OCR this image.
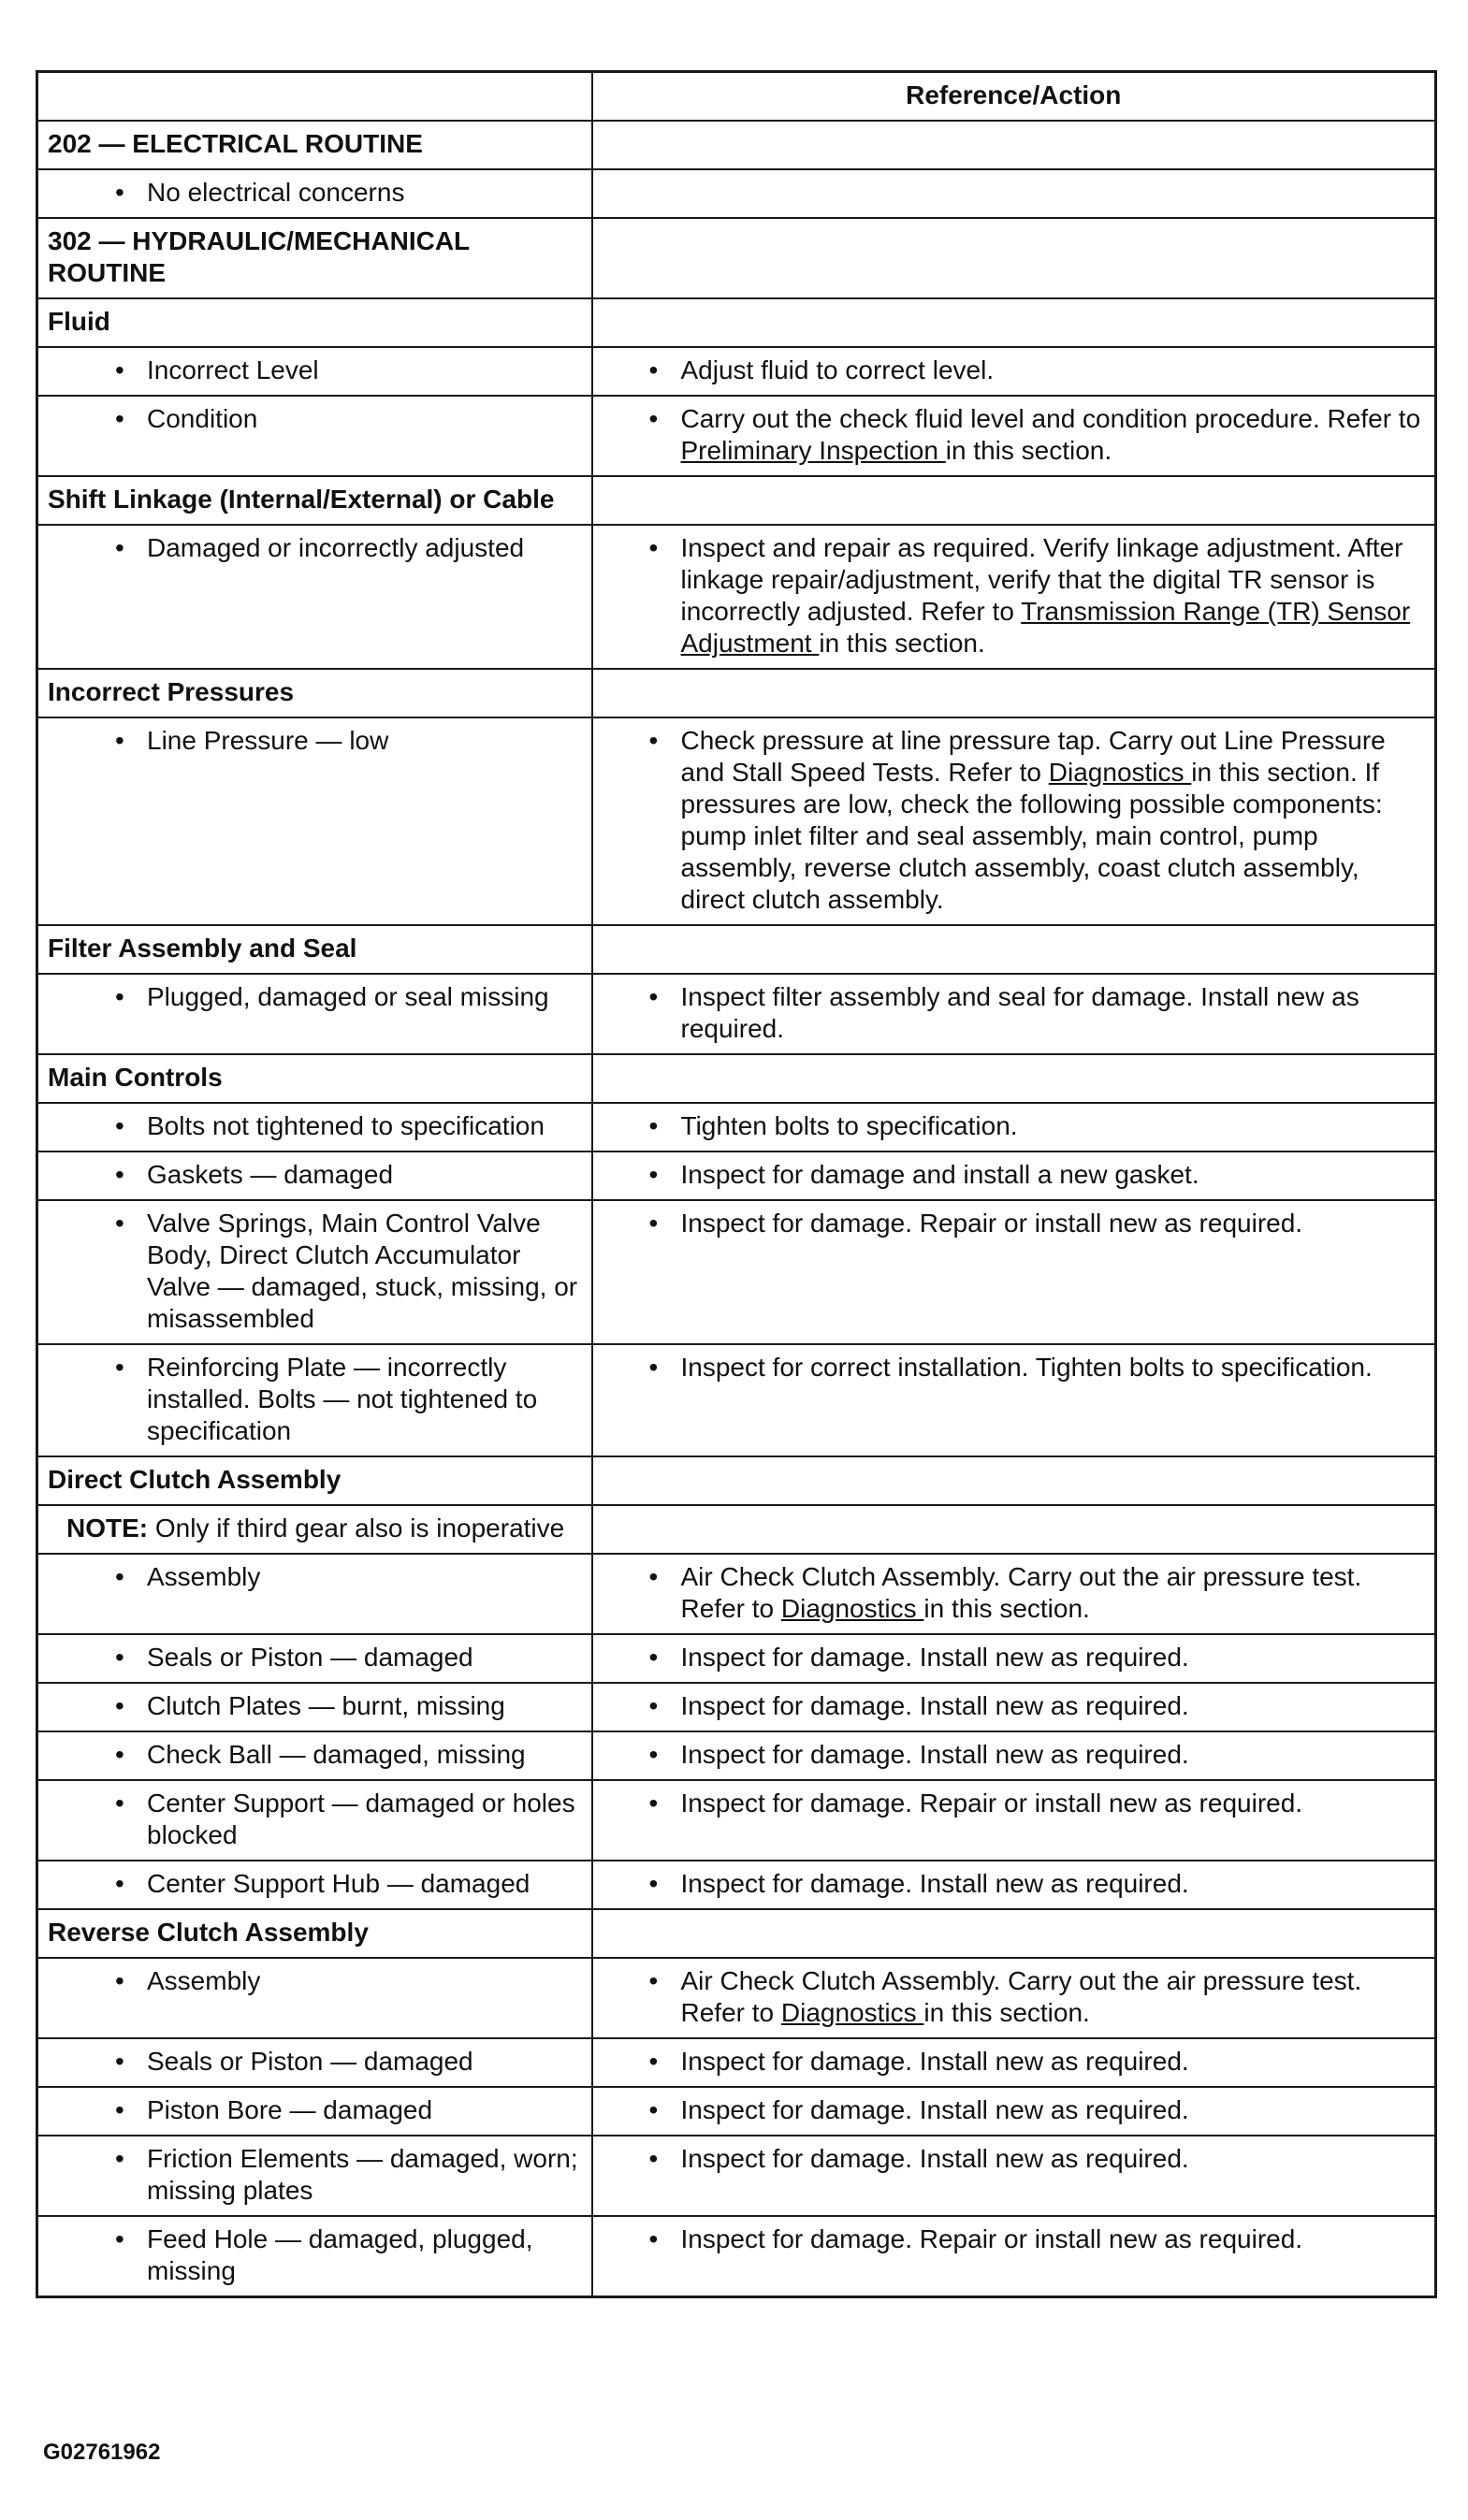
	Reference/Action
202 — ELECTRICAL ROUTINE	

• No electrical concerns	

302 — HYDRAULIC/MECHANICAL ROUTINE	
Fluid	

• Incorrect Level	• Adjust fluid to correct level.

• Condition	• Carry out the check fluid level and condition procedure. Refer to Preliminary Inspection in this section.

Shift Linkage (Internal/External) or Cable	

• Damaged or incorrectly adjusted	• Inspect and repair as required. Verify linkage adjustment. After linkage repair/adjustment, verify that the digital TR sensor is incorrectly adjusted. Refer to Transmission Range (TR) Sensor Adjustment in this section.

Incorrect Pressures	

• Line Pressure — low	• Check pressure at line pressure tap. Carry out Line Pressure and Stall Speed Tests. Refer to Diagnostics in this section. If pressures are low, check the following possible components: pump inlet filter and seal assembly, main control, pump assembly, reverse clutch assembly, coast clutch assembly, direct clutch assembly.

Filter Assembly and Seal	

• Plugged, damaged or seal missing	• Inspect filter assembly and seal for damage. Install new as required.

Main Controls	

• Bolts not tightened to specification	• Tighten bolts to specification.

• Gaskets — damaged	• Inspect for damage and install a new gasket.

• Valve Springs, Main Control Valve Body, Direct Clutch Accumulator Valve — damaged, stuck, missing, or misassembled	• Inspect for damage. Repair or install new as required.

• Reinforcing Plate — incorrectly installed. Bolts — not tightened to specification	• Inspect for correct installation. Tighten bolts to specification.

Direct Clutch Assembly	

NOTE: Only if third gear also is inoperative	

• Assembly	• Air Check Clutch Assembly. Carry out the air pressure test. Refer to Diagnostics in this section.

• Seals or Piston — damaged	• Inspect for damage. Install new as required.

• Clutch Plates — burnt, missing	• Inspect for damage. Install new as required.

• Check Ball — damaged, missing	• Inspect for damage. Install new as required.

• Center Support — damaged or holes blocked	• Inspect for damage. Repair or install new as required.

• Center Support Hub — damaged	• Inspect for damage. Install new as required.

Reverse Clutch Assembly	

• Assembly	• Air Check Clutch Assembly. Carry out the air pressure test. Refer to Diagnostics in this section.

• Seals or Piston — damaged	• Inspect for damage. Install new as required.

• Piston Bore — damaged	• Inspect for damage. Install new as required.

• Friction Elements — damaged, worn; missing plates	• Inspect for damage. Install new as required.

• Feed Hole — damaged, plugged, missing	• Inspect for damage. Repair or install new as required.
G02761962
